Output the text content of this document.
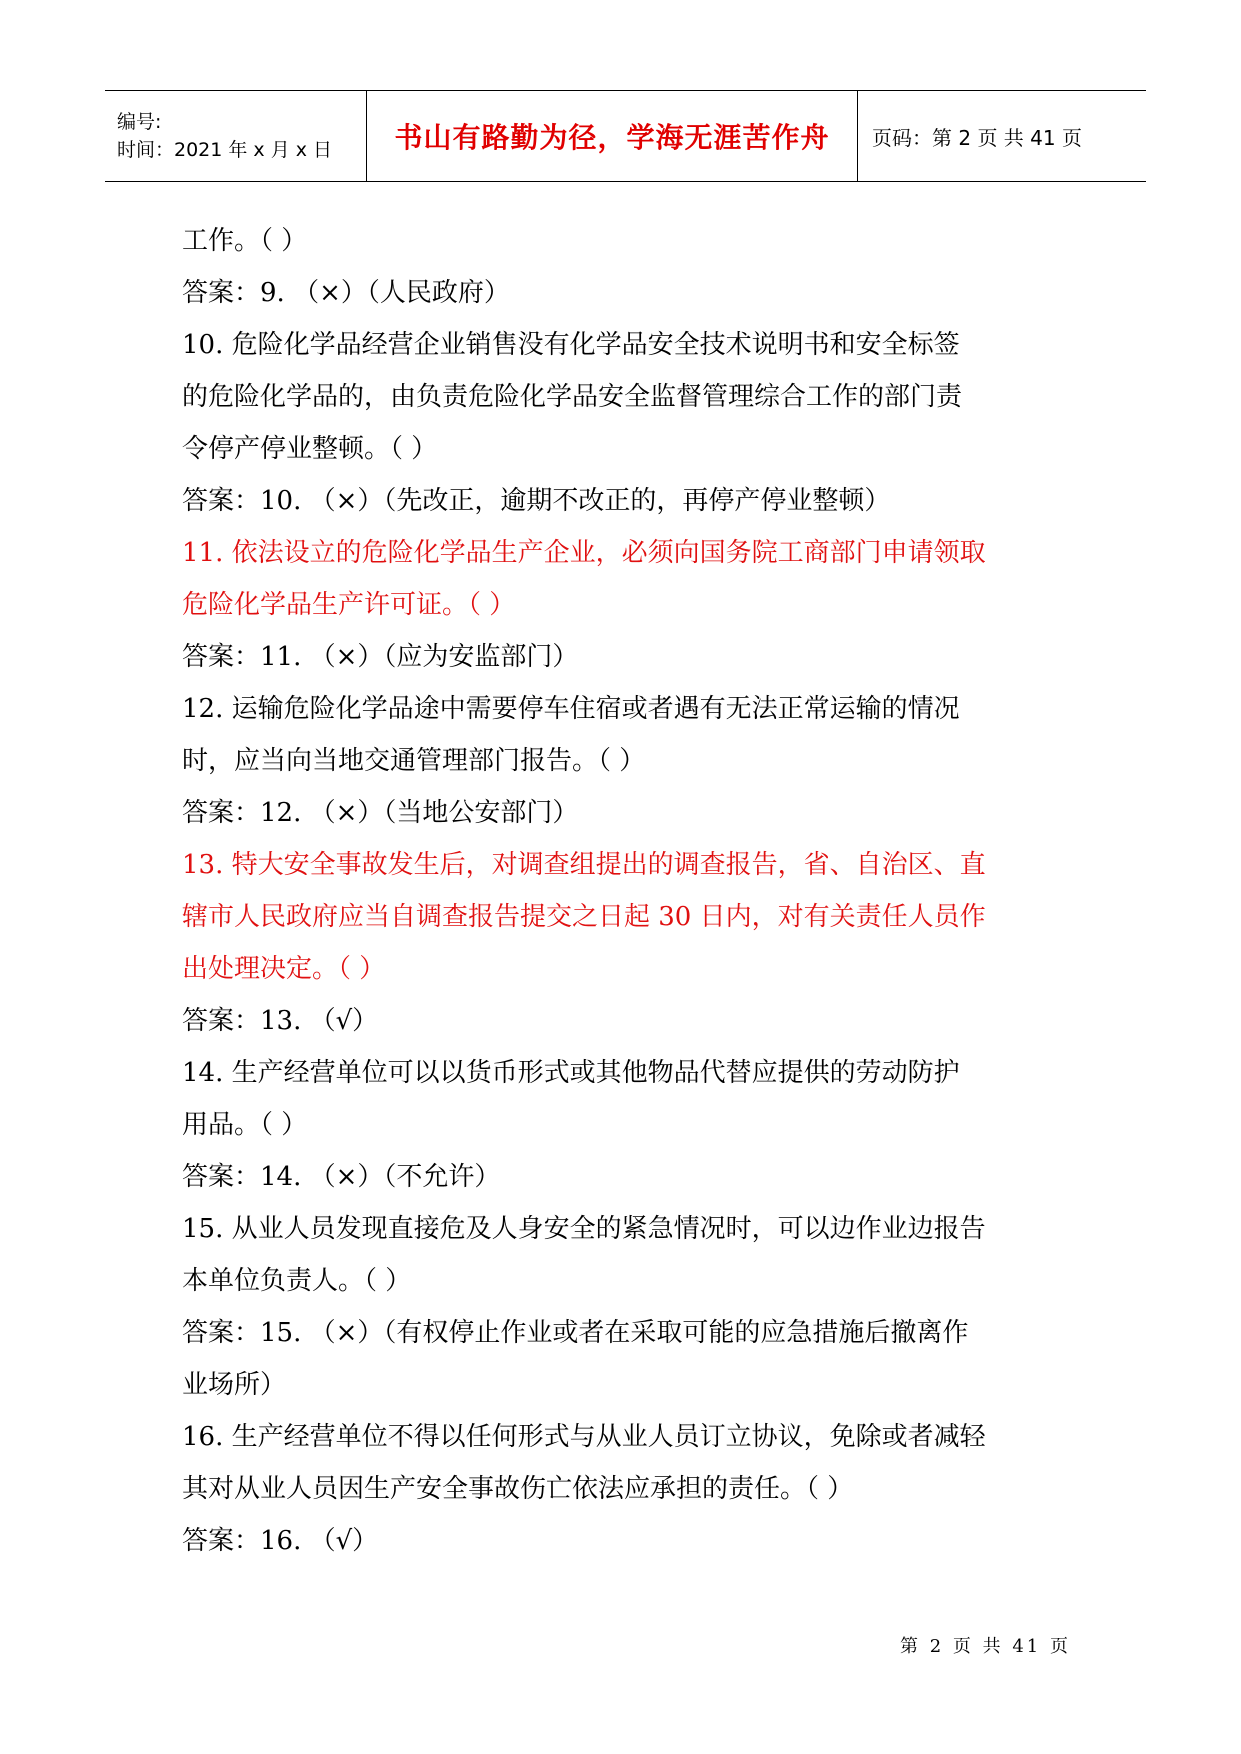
编号:
时间：2021 年 x 月 x 日	书山有路勤为径，学海无涯苦作舟 页码：第 2 页 共 41 页
工作。（ ）
答案：9. （×）（人民政府）
10. 危险化学品经营企业销售没有化学品安全技术说明书和安全标签
的危险化学品的，由负责危险化学品安全监督管理综合工作的部门责
令停产停业整顿。（ ）
答案：10. （×）（先改正，逾期不改正的，再停产停业整顿）
11. 依法设立的危险化学品生产企业，必须向国务院工商部门申请领取
危险化学品生产许可证。（ ）
答案：11. （×）（应为安监部门）
12. 运输危险化学品途中需要停车住宿或者遇有无法正常运输的情况
时，应当向当地交通管理部门报告。（ ）
答案：12. （×）（当地公安部门）
13. 特大安全事故发生后，对调查组提出的调查报告，省、自治区、直
辖市人民政府应当自调查报告提交之日起 30 日内，对有关责任人员作
出处理决定。（ ）
答案：13. （√）
14. 生产经营单位可以以货币形式或其他物品代替应提供的劳动防护
用品。（ ）
答案：14. （×）（不允许）
15. 从业人员发现直接危及人身安全的紧急情况时，可以边作业边报告
本单位负责人。（ ）
答案：15. （×）（有权停止作业或者在采取可能的应急措施后撤离作
业场所）
16. 生产经营单位不得以任何形式与从业人员订立协议，免除或者减轻
其对从业人员因生产安全事故伤亡依法应承担的责任。（ ）
答案：16. （√）
第 2 页 共 41 页
